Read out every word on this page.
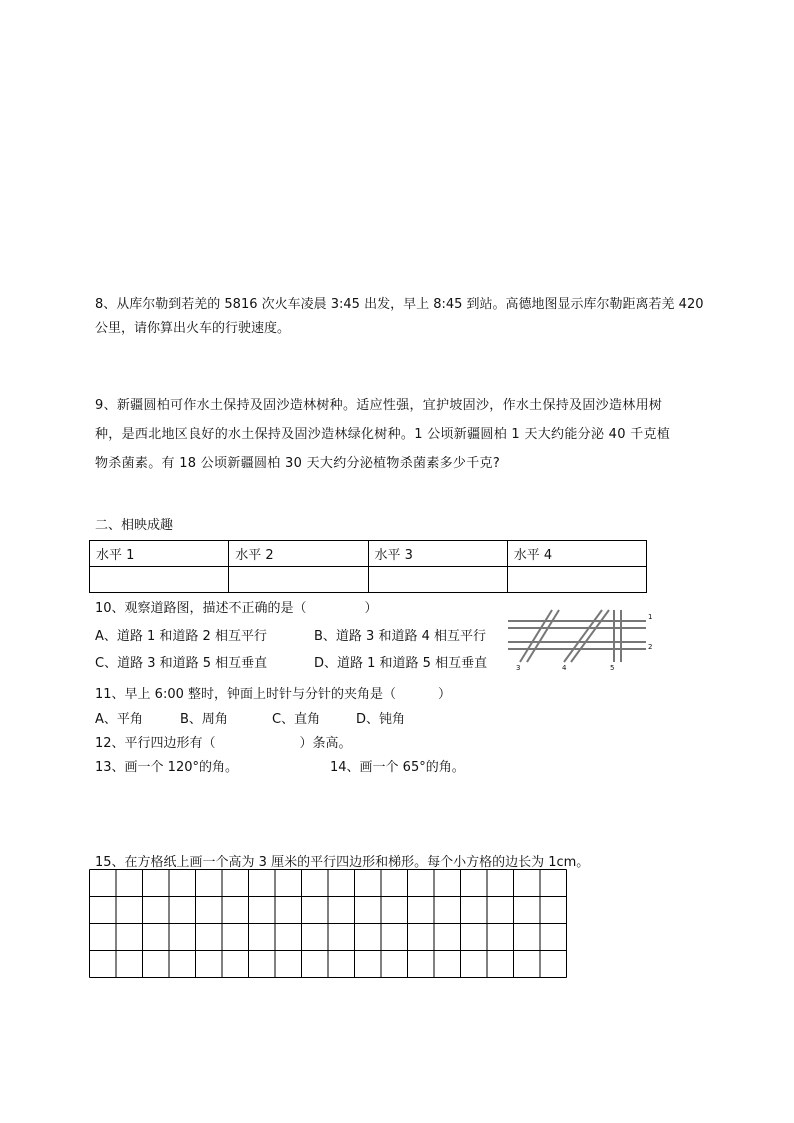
8、从库尔勒到若羌的 5816 次火车凌晨 3:45 出发，早上 8:45 到站。高德地图显示库尔勒距离若羌 420
公里，请你算出火车的行驶速度。
9、新疆圆柏可作水土保持及固沙造林树种。适应性强，宜护坡固沙，作水土保持及固沙造林用树
种，是西北地区良好的水土保持及固沙造林绿化树种。1 公顷新疆圆柏 1 天大约能分泌 40 千克植
物杀菌素。有 18 公顷新疆圆柏 30 天大约分泌植物杀菌素多少千克?
二、相映成趣
水平 1	水平 2	水平 3	水平 4

10、观察道路图，描述不正确的是（	）
A、道路 1 和道路 2 相互平行	B、道路 3 和道路 4 相互平行
C、道路 3 和道路 5 相互垂直	D、道路 1 和道路 5 相互垂直
1
2
3	4	5
11、早上 6:00 整时，钟面上时针与分针的夹角是（	）
A、平角	B、周角	C、直角	D、钝角
12、平行四边形有（	）条高。
13、画一个 120°的角。	14、画一个 65°的角。
15、在方格纸上画一个高为 3 厘米的平行四边形和梯形。每个小方格的边长为 1cm。
